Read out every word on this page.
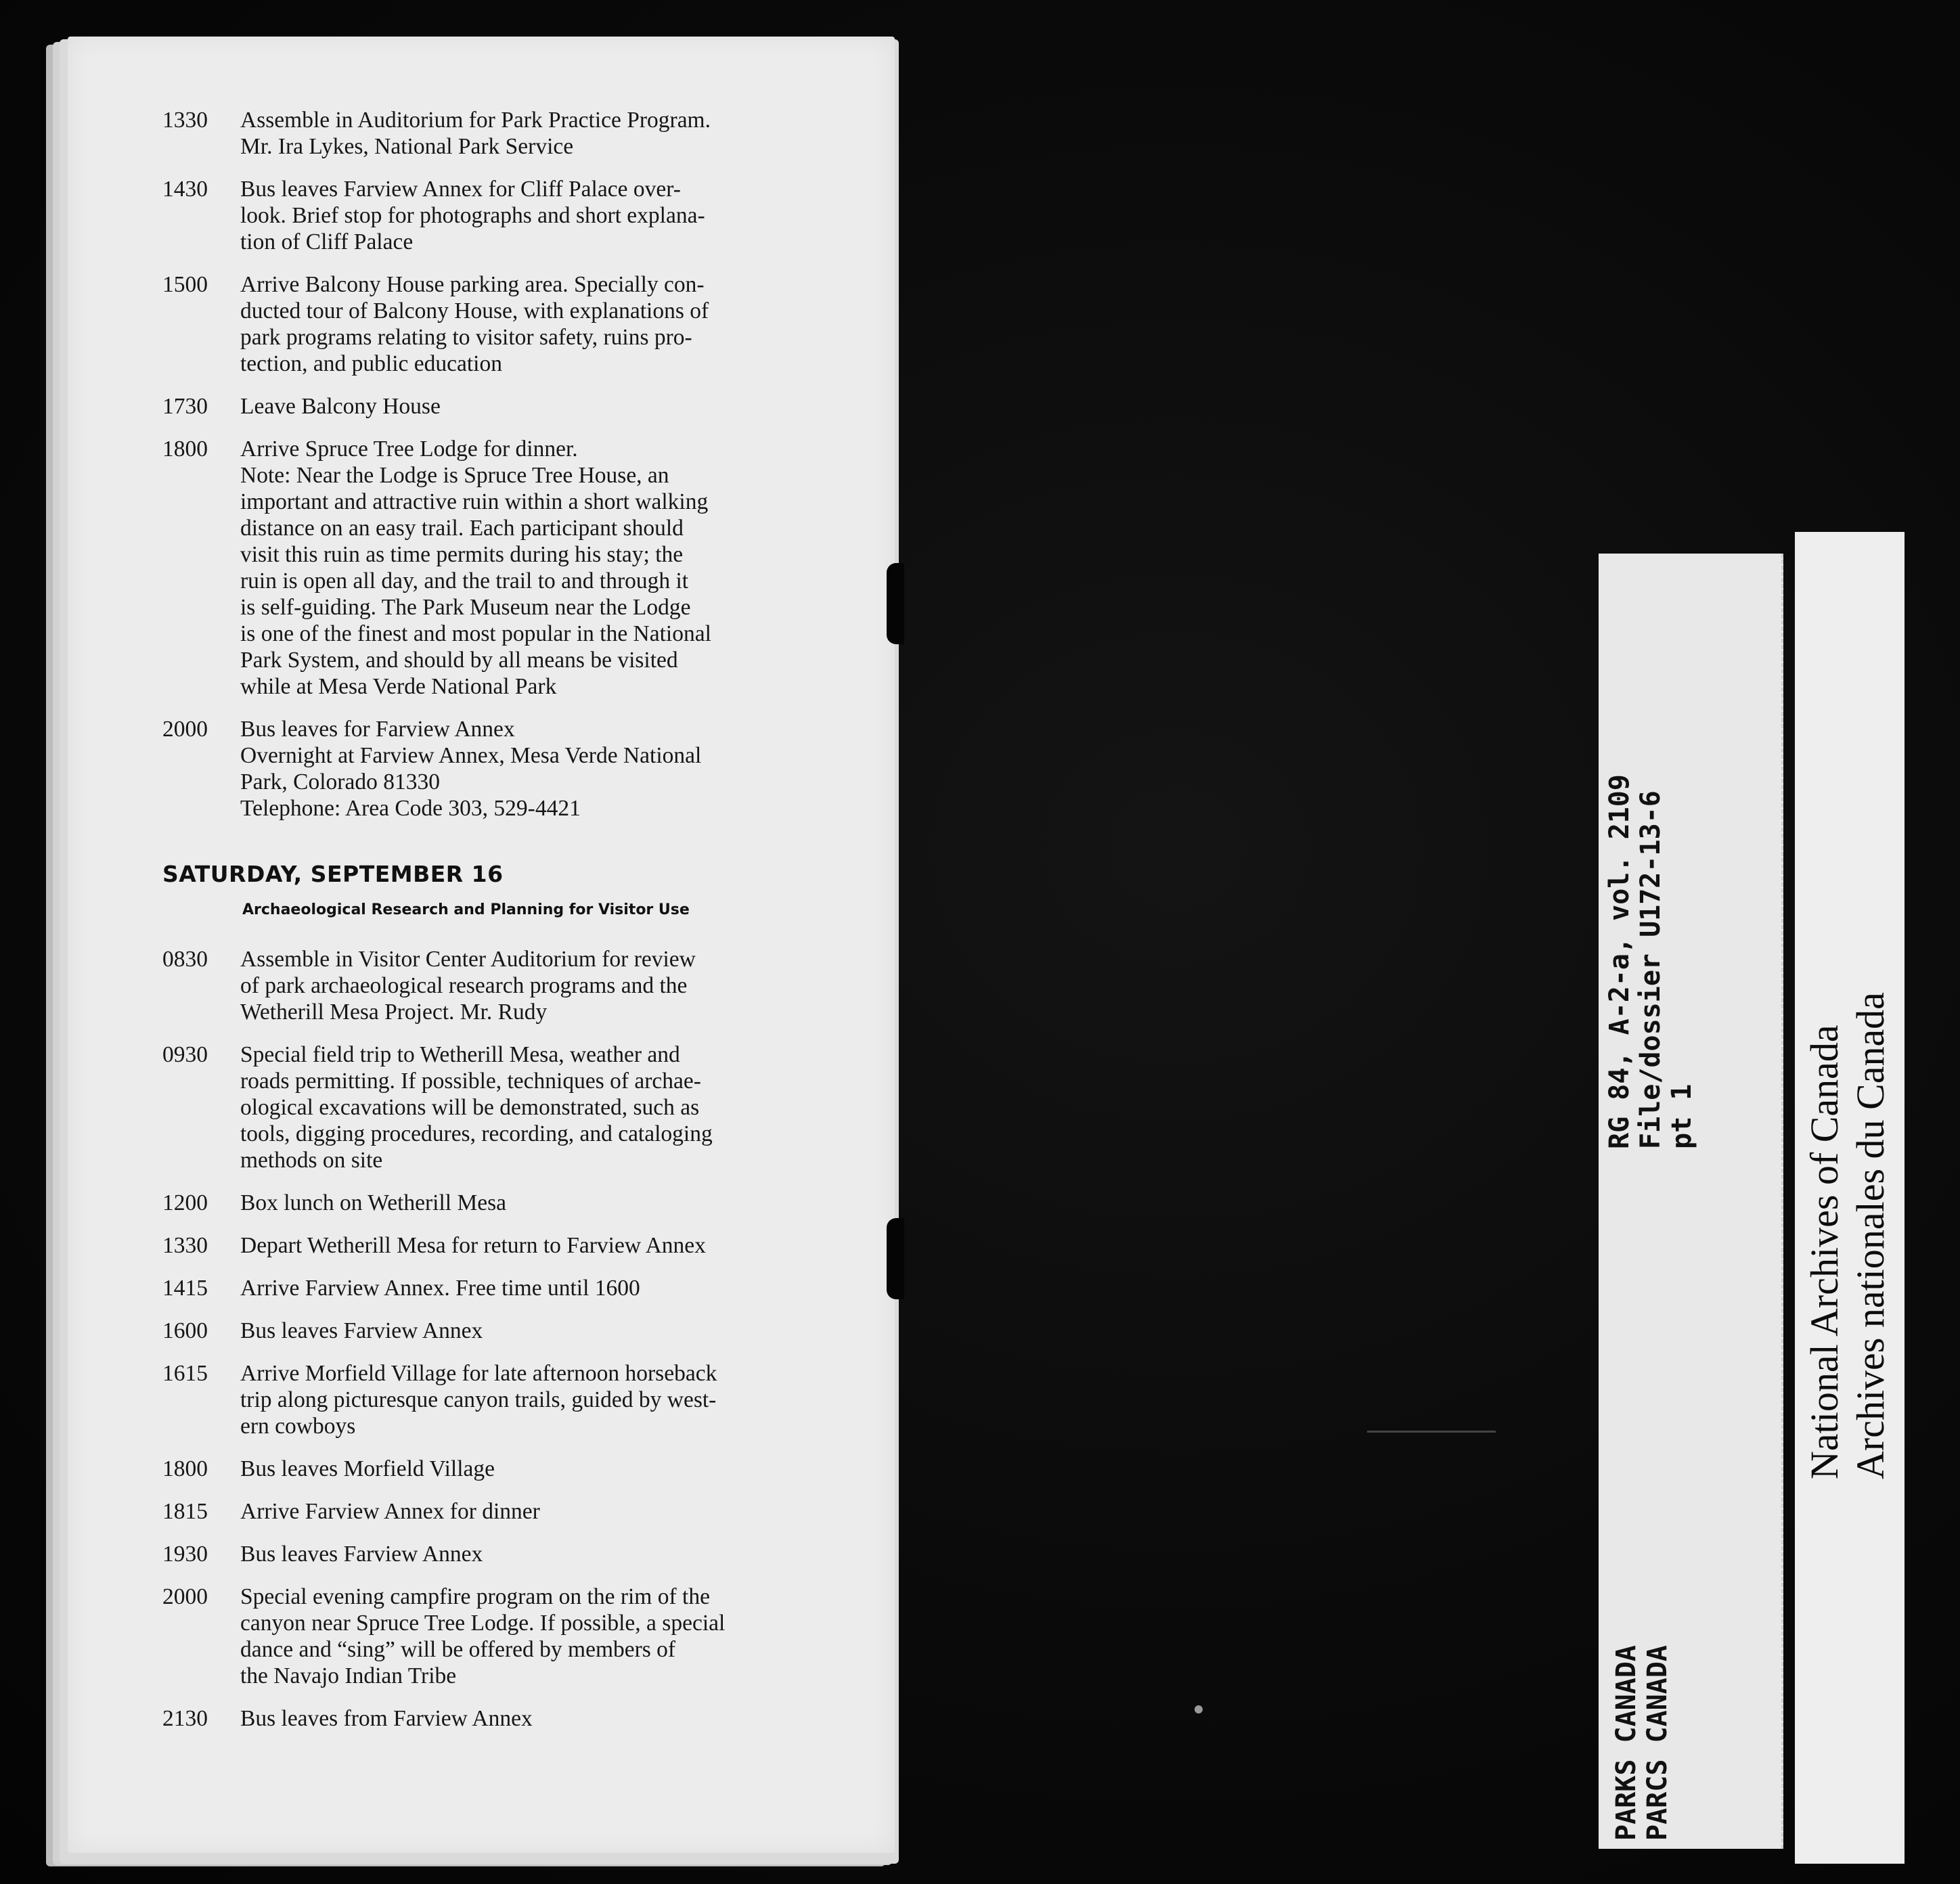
1330	Assemble in Auditorium for Park Practice Program.
Mr. Ira Lykes, National Park Service
1430	Bus leaves Farview Annex for Cliff Palace over-
look. Brief stop for photographs and short explana-
tion of Cliff Palace
1500	Arrive Balcony House parking area. Specially con-
ducted tour of Balcony House, with explanations of
park programs relating to visitor safety, ruins pro-
tection, and public education
1730	Leave Balcony House
1800	Arrive Spruce Tree Lodge for dinner.
Note: Near the Lodge is Spruce Tree House, an
important and attractive ruin within a short walking
distance on an easy trail. Each participant should
visit this ruin as time permits during his stay; the
ruin is open all day, and the trail to and through it
is self-guiding. The Park Museum near the Lodge
is one of the finest and most popular in the National
Park System, and should by all means be visited
while at Mesa Verde National Park
2000	Bus leaves for Farview Annex
Overnight at Farview Annex, Mesa Verde National
Park, Colorado 81330
Telephone: Area Code 303, 529-4421
SATURDAY, SEPTEMBER 16
Archaeological Research and Planning for Visitor Use
0830	Assemble in Visitor Center Auditorium for review
of park archaeological research programs and the
Wetherill Mesa Project. Mr. Rudy
0930	Special field trip to Wetherill Mesa, weather and
roads permitting. If possible, techniques of archae-
ological excavations will be demonstrated, such as
tools, digging procedures, recording, and cataloging
methods on site
1200	Box lunch on Wetherill Mesa
1330	Depart Wetherill Mesa for return to Farview Annex
1415	Arrive Farview Annex. Free time until 1600
1600	Bus leaves Farview Annex
1615	Arrive Morfield Village for late afternoon horseback
trip along picturesque canyon trails, guided by west-
ern cowboys
1800	Bus leaves Morfield Village
1815	Arrive Farview Annex for dinner
1930	Bus leaves Farview Annex
2000	Special evening campfire program on the rim of the
canyon near Spruce Tree Lodge. If possible, a special
dance and “sing” will be offered by members of
the Navajo Indian Tribe
2130	Bus leaves from Farview Annex
RG 84, A-2-a, vol. 2109 File/dossier U172-13-6 pt 1
PARKS CANADA PARCS CANADA
National Archives of Canada Archives nationales du Canada
